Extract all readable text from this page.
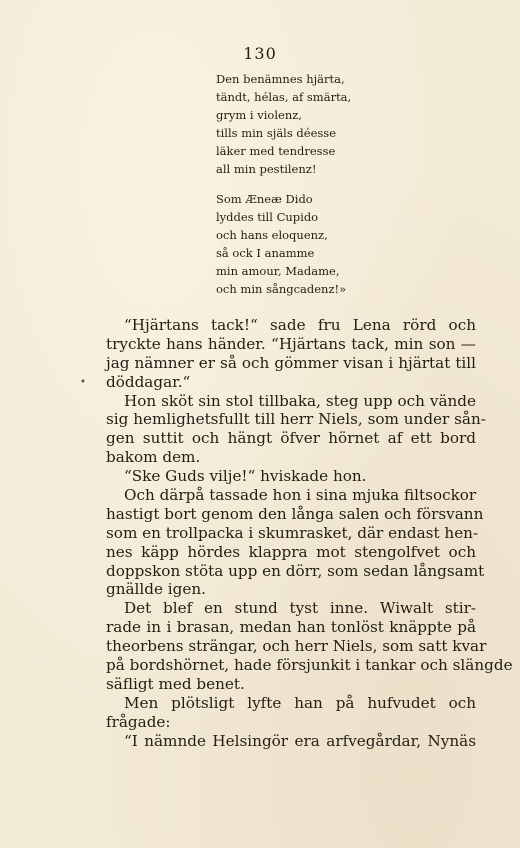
130
Den benämnes hjärta,
tändt, hélas, af smärta,
grym i violenz,
tills min själs déesse
läker med tendresse
all min pestilenz!
Som Æneæ Dido
lyddes till Cupido
och hans eloquenz,
så ock I anamme
min amour, Madame,
och min sångcadenz!»
•
“Hjärtans tack!“ sade fru Lena rörd och
tryckte hans händer. “Hjärtans tack, min son —
jag nämner er så och gömmer visan i hjärtat till
döddagar.“
Hon sköt sin stol tillbaka, steg upp och vände
sig hemlighetsfullt till herr Niels, som under sån-
gen suttit och hängt öfver hörnet af ett bord
bakom dem.
“Ske Guds vilje!“ hviskade hon.
Och därpå tassade hon i sina mjuka filtsockor
hastigt bort genom den långa salen och försvann
som en trollpacka i skumrasket, där endast hen-
nes käpp hördes klappra mot stengolfvet och
doppskon stöta upp en dörr, som sedan långsamt
gnällde igen.
Det blef en stund tyst inne. Wiwalt stir-
rade in i brasan, medan han tonlöst knäppte på
theorbens strängar, och herr Niels, som satt kvar
på bordshörnet, hade försjunkit i tankar och slängde
säfligt med benet.
Men plötsligt lyfte han på hufvudet och
frågade:
“I nämnde Helsingör era arfvegårdar, Nynäs
